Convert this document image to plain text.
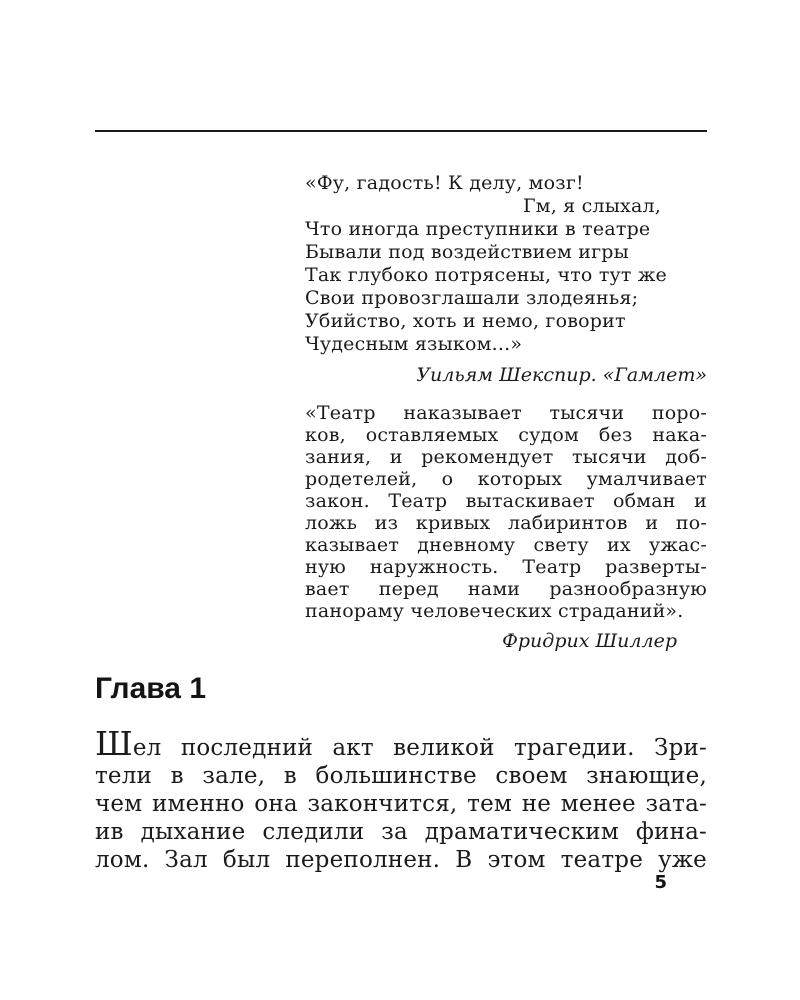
«Фу, гадость! К делу, мозг!
Гм, я слыхал,
Что иногда преступники в театре
Бывали под воздействием игры
Так глубоко потрясены, что тут же
Свои провозглашали злодеянья;
Убийство, хоть и немо, говорит
Чудесным языком...»
Уильям Шекспир. «Гамлет»
«Театр наказывает тысячи поро-
ков, оставляемых судом без нака-
зания, и рекомендует тысячи доб-
родетелей, о которых умалчивает
закон. Театр вытаскивает обман и
ложь из кривых лабиринтов и по-
казывает дневному свету их ужас-
ную наружность. Театр разверты-
вает перед нами разнообразную
панораму человеческих страданий».
Фридрих Шиллер
Глава 1
Шел последний акт великой трагедии. Зри-
тели в зале, в большинстве своем знающие,
чем именно она закончится, тем не менее зата-
ив дыхание следили за драматическим фина-
лом. Зал был переполнен. В этом театре уже
5
